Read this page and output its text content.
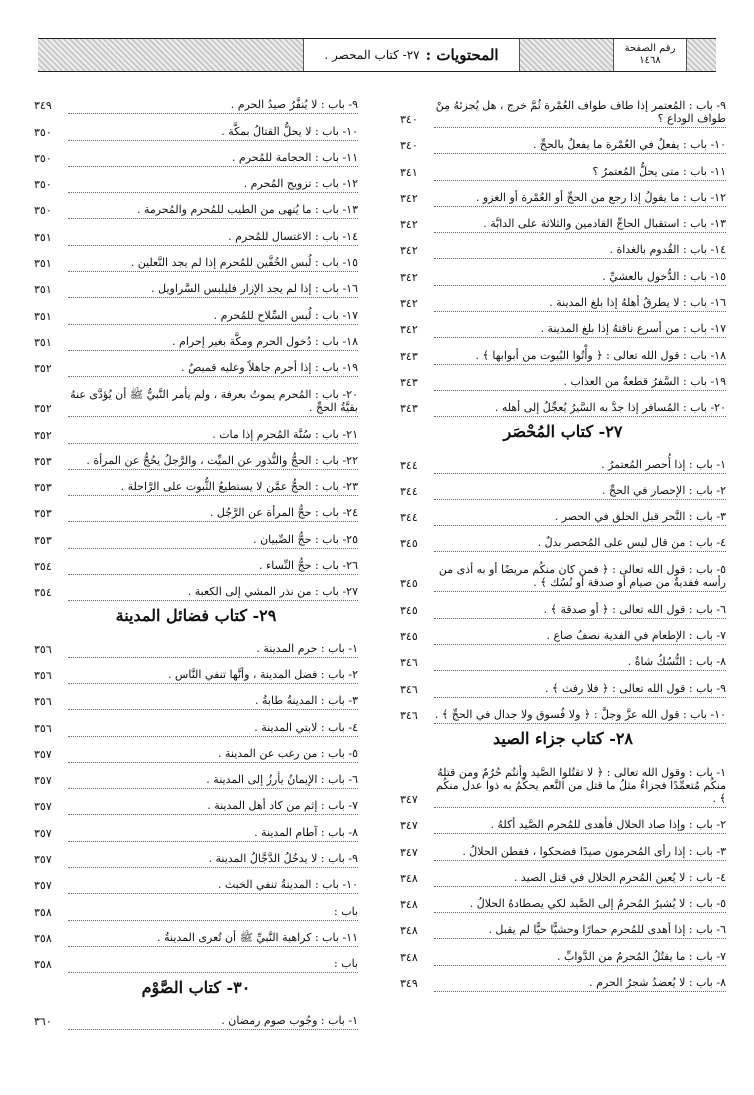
المحتويات :
٢٧- كتاب المحصر .	رقم الصفحة
١٤٦٨
٩- باب : المُعتمر إذا طاف طواف العُمْرة ثُمَّ خرج ، هل يُجزئهُ مِنْ طواف الوداع ؟
٣٤٠
١٠- باب : يفعلُ في العُمْرة ما يفعلُ بالحجِّ .
٣٤٠
١١- باب : متى يحلُّ المُعتمرُ ؟
٣٤١
١٢- باب : ما يقولُ إذا رجع من الحجِّ أو العُمْرة أو الغزو .
٣٤٢
١٣- باب : استقبال الحاجِّ القادمين والثلاثة على الدابَّة .
٣٤٢
١٤- باب : القُدوم بالغداة .
٣٤٢
١٥- باب : الدُّخول بالعشيِّ .
٣٤٢
١٦- باب : لا يطرقُ أهلهُ إذا بلغ المدينة .
٣٤٢
١٧- باب : من أسرع ناقتهُ إذا بلغ المدينة .
٣٤٢
١٨- باب : قول الله تعالى : ﴿ وأْتُوا البُيوت من أبوابها ﴾ .
٣٤٣
١٩- باب : السَّفرُ قطعةٌ من العذاب .
٣٤٣
٢٠- باب : المُسافر إذا جدَّ به السَّيرُ يُعجِّلُ إلى أهله .
٣٤٣
٢٧- كتاب المُحْصَر
١- باب : إذا أُحصر المُعتمرُ .
٣٤٤
٢- باب : الإحصار في الحجِّ .
٣٤٤
٣- باب : النَّحر قبل الحلق في الحصر .
٣٤٤
٤- باب : من قال ليس على المُحصر بدلٌ .
٣٤٥
٥- باب : قول الله تعالى : ﴿ فمن كان منكُم مريضًا أو به أذى من رأسه ففديةٌ من صيام أو صدقة أو نُسُك ﴾ .
٣٤٥
٦- باب : قول الله تعالى : ﴿ أو صدقة ﴾ .
٣٤٥
٧- باب : الإطعام في الفدية نصفُ صاع .
٣٤٥
٨- باب : النُّسُكُ شاةٌ .
٣٤٦
٩- باب : قول الله تعالى : ﴿ فلا رفث ﴾ .
٣٤٦
١٠- باب : قول الله عزَّ وجلَّ : ﴿ ولا فُسوق ولا جدال في الحجِّ ﴾ .
٣٤٦
٢٨- كتاب جزاء الصيد
١- باب : وقول الله تعالى : ﴿ لا تقتُلوا الصَّيد وأنتُم حُرُمٌ ومن قتلهُ منكُم مُتعمِّدًا فجزاءٌ مثلُ ما قتل من النَّعم يحكُمُ به ذوا عدل منكُم ﴾ .
٣٤٧
٢- باب : وإذا صاد الحلال فأهدى للمُحرم الصَّيد أكلهُ .
٣٤٧
٣- باب : إذا رأى المُحرمون صيدًا فضحكوا ، ففطن الحلالُ .
٣٤٧
٤- باب : لا يُعين المُحرم الحلال في قتل الصيد .
٣٤٨
٥- باب : لا يُشيرُ المُحرمُ إلى الصَّيد لكي يصطادهُ الحلالُ .
٣٤٨
٦- باب : إذا أهدى للمُحرم حمارًا وحشيًّا حيًّا لم يقبل .
٣٤٨
٧- باب : ما يقتُلُ المُحرمُ من الدَّوابِّ .
٣٤٨
٨- باب : لا يُعضدُ شجرُ الحرم .
٣٤٩
٩- باب : لا يُنفَّرُ صيدُ الحرم .
٣٤٩
١٠- باب : لا يحلُّ القتالُ بمكَّة .
٣٥٠
١١- باب : الحجامة للمُحرم .
٣٥٠
١٢- باب : تزويج المُحرم .
٣٥٠
١٣- باب : ما يُنهى من الطيب للمُحرم والمُحرمة .
٣٥٠
١٤- باب : الاغتسال للمُحرم .
٣٥١
١٥- باب : لُبس الخُفَّين للمُحرم إذا لم يجد النَّعلين .
٣٥١
١٦- باب : إذا لم يجد الإزار فليلبس السَّراويل .
٣٥١
١٧- باب : لُبس السِّلاح للمُحرم .
٣٥١
١٨- باب : دُخول الحرم ومكَّة بغير إحرام .
٣٥١
١٩- باب : إذا أحرم جاهلاً وعليه قميصٌ .
٣٥٢
٢٠- باب : المُحرم يموتُ بعرفة ، ولم يأمر النَّبيُّ ﷺ أن يُؤدَّى عنهُ بقيَّةُ الحجِّ .
٣٥٢
٢١- باب : سُنَّة المُحرم إذا مات .
٣٥٢
٢٢- باب : الحجُّ والنُّذور عن الميِّت ، والرَّجلُ يحُجُّ عن المرأة .
٣٥٣
٢٣- باب : الحجُّ عمَّن لا يستطيعُ الثُّبوت على الرَّاحلة .
٣٥٣
٢٤- باب : حجُّ المرأة عن الرَّجُل .
٣٥٣
٢٥- باب : حجُّ الصِّبيان .
٣٥٣
٢٦- باب : حجُّ النِّساء .
٣٥٤
٢٧- باب : من نذر المشي إلى الكعبة .
٣٥٤
٢٩- كتاب فضائل المدينة
١- باب : حرم المدينة .
٣٥٦
٢- باب : فضل المدينة ، وأنَّها تنفي النَّاس .
٣٥٦
٣- باب : المدينةُ طابةُ .
٣٥٦
٤- باب : لابتي المدينة .
٣٥٦
٥- باب : من رغب عن المدينة .
٣٥٧
٦- باب : الإيمانُ يأرزُ إلى المدينة .
٣٥٧
٧- باب : إثم من كاد أهل المدينة .
٣٥٧
٨- باب : آطام المدينة .
٣٥٧
٩- باب : لا يدخُلُ الدَّجَّالُ المدينة .
٣٥٧
١٠- باب : المدينةُ تنفي الخبث .
٣٥٧
باب :
٣٥٨
١١- باب : كراهية النَّبيِّ ﷺ أن تُعرى المدينةُ .
٣٥٨
باب :
٣٥٨
٣٠- كتاب الصَّوْم
١- باب : وجُوب صوم رمضان .
٣٦٠
